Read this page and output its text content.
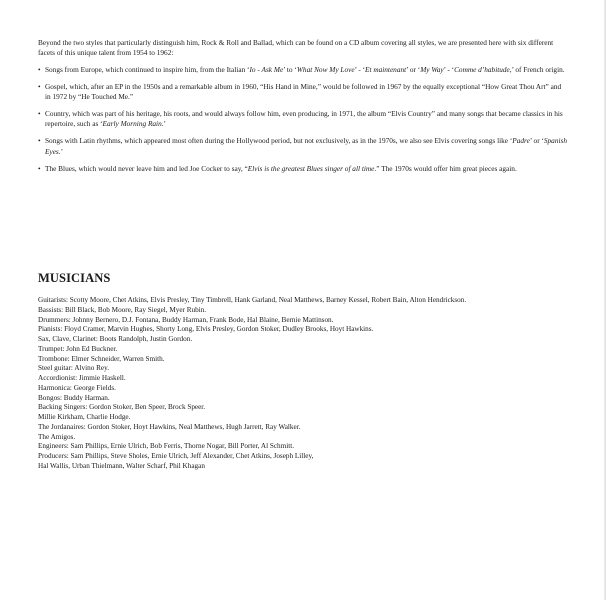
Beyond the two styles that particularly distinguish him, Rock & Roll and Ballad, which can be found on a CD album covering all styles, we are presented here with six different facets of this unique talent from 1954 to 1962:

• Songs from Europe, which continued to inspire him, from the Italian ‘Io - Ask Me’ to ‘What Now My Love’ - ‘Et maintenant’ or ‘My Way’ - ‘Comme d’habitude,’ of French origin.
• Gospel, which, after an EP in the 1950s and a remarkable album in 1960, “His Hand in Mine,” would be followed in 1967 by the equally exceptional “How Great Thou Art” and in 1972 by “He Touched Me.”
• Country, which was part of his heritage, his roots, and would always follow him, even producing, in 1971, the album “Elvis Country” and many songs that became classics in his repertoire, such as ‘Early Morning Rain.’
• Songs with Latin rhythms, which appeared most often during the Hollywood period, but not exclusively, as in the 1970s, we also see Elvis covering songs like ‘Padre’ or ‘Spanish Eyes.’
• The Blues, which would never leave him and led Joe Cocker to say, “Elvis is the greatest Blues singer of all time.” The 1970s would offer him great pieces again.
MUSICIANS
Guitarists: Scotty Moore, Chet Atkins, Elvis Presley, Tiny Timbrell, Hank Garland, Neal Matthews, Barney Kessel, Robert Bain, Alton Hendrickson.
Bassists: Bill Black, Bob Moore, Ray Siegel, Myer Rubin.
Drummers: Johnny Bernero, D.J. Fontana, Buddy Harman, Frank Bode, Hal Blaine, Bernie Mattinson.
Pianists: Floyd Cramer, Marvin Hughes, Shorty Long, Elvis Presley, Gordon Stoker, Dudley Brooks, Hoyt Hawkins.
Sax, Clave, Clarinet: Boots Randolph, Justin Gordon.
Trumpet: John Ed Buckner.
Trombone: Elmer Schneider, Warren Smith.
Steel guitar: Alvino Rey.
Accordionist: Jimmie Haskell.
Harmonica: George Fields.
Bongos: Buddy Harman.
Backing Singers: Gordon Stoker, Ben Speer, Brock Speer.
Millie Kirkham, Charlie Hodge.
The Jordanaires: Gordon Stoker, Hoyt Hawkins, Neal Matthews, Hugh Jarrett, Ray Walker.
The Amigos.
Engineers: Sam Phillips, Ernie Ulrich, Bob Ferris, Thorne Nogar, Bill Porter, Al Schmitt.
Producers: Sam Phillips, Steve Sholes, Ernie Ulrich, Jeff Alexander, Chet Atkins, Joseph Lilley,
Hal Wallis, Urban Thielmann, Walter Scharf, Phil Khagan
